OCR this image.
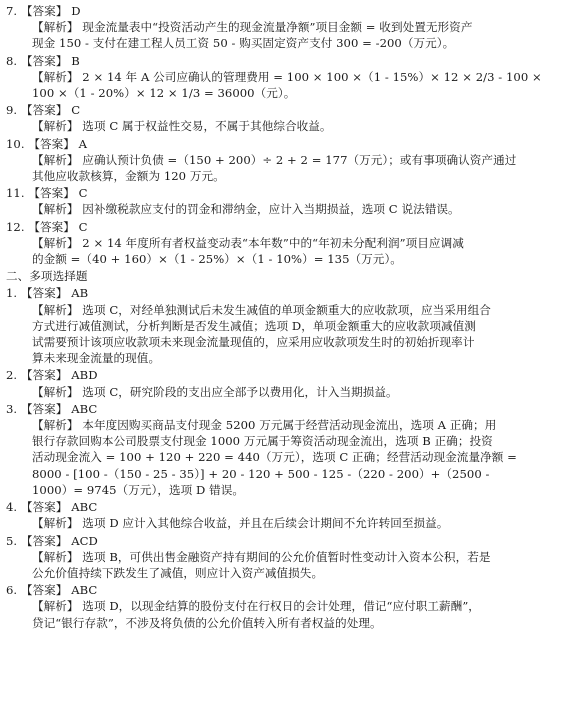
7. 【答案】 D
【解析】 现金流量表中“投资活动产生的现金流量净额”项目金额 = 收到处置无形资产
现金 150 - 支付在建工程人员工资 50 - 购买固定资产支付 300 = -200（万元）。
8. 【答案】 B
【解析】 2 × 14 年 A 公司应确认的管理费用 = 100 × 100 ×（1 - 15%）× 12 × 2/3 - 100 ×
100 ×（1 - 20%）× 12 × 1/3 = 36000（元）。
9. 【答案】 C
【解析】 选项 C 属于权益性交易，不属于其他综合收益。
10. 【答案】 A
【解析】 应确认预计负债 =（150 + 200）÷ 2 + 2 = 177（万元）；或有事项确认资产通过
其他应收款核算，金额为 120 万元。
11. 【答案】 C
【解析】 因补缴税款应支付的罚金和滞纳金，应计入当期损益，选项 C 说法错误。
12. 【答案】 C
【解析】 2 × 14 年度所有者权益变动表“本年数”中的“年初未分配利润”项目应调减
的金额 =（40 + 160）×（1 - 25%）×（1 - 10%）= 135（万元）。
二、多项选择题
1. 【答案】 AB
【解析】 选项 C，对经单独测试后未发生减值的单项金额重大的应收款项，应当采用组合
方式进行减值测试，分析判断是否发生减值；选项 D，单项金额重大的应收款项减值测
试需要预计该项应收款项未来现金流量现值的，应采用应收款项发生时的初始折现率计
算未来现金流量的现值。
2. 【答案】 ABD
【解析】 选项 C，研究阶段的支出应全部予以费用化，计入当期损益。
3. 【答案】 ABC
【解析】 本年度因购买商品支付现金 5200 万元属于经营活动现金流出，选项 A 正确；用
银行存款回购本公司股票支付现金 1000 万元属于筹资活动现金流出，选项 B 正确；投资
活动现金流入 = 100 + 120 + 220 = 440（万元），选项 C 正确；经营活动现金流量净额 =
8000 - [100 -（150 - 25 - 35）] + 20 - 120 + 500 - 125 -（220 - 200）+（2500 -
1000）= 9745（万元），选项 D 错误。
4. 【答案】 ABC
【解析】 选项 D 应计入其他综合收益，并且在后续会计期间不允许转回至损益。
5. 【答案】 ACD
【解析】 选项 B，可供出售金融资产持有期间的公允价值暂时性变动计入资本公积，若是
公允价值持续下跌发生了减值，则应计入资产减值损失。
6. 【答案】 ABC
【解析】 选项 D，以现金结算的股份支付在行权日的会计处理，借记“应付职工薪酬”，
贷记“银行存款”，不涉及将负债的公允价值转入所有者权益的处理。
